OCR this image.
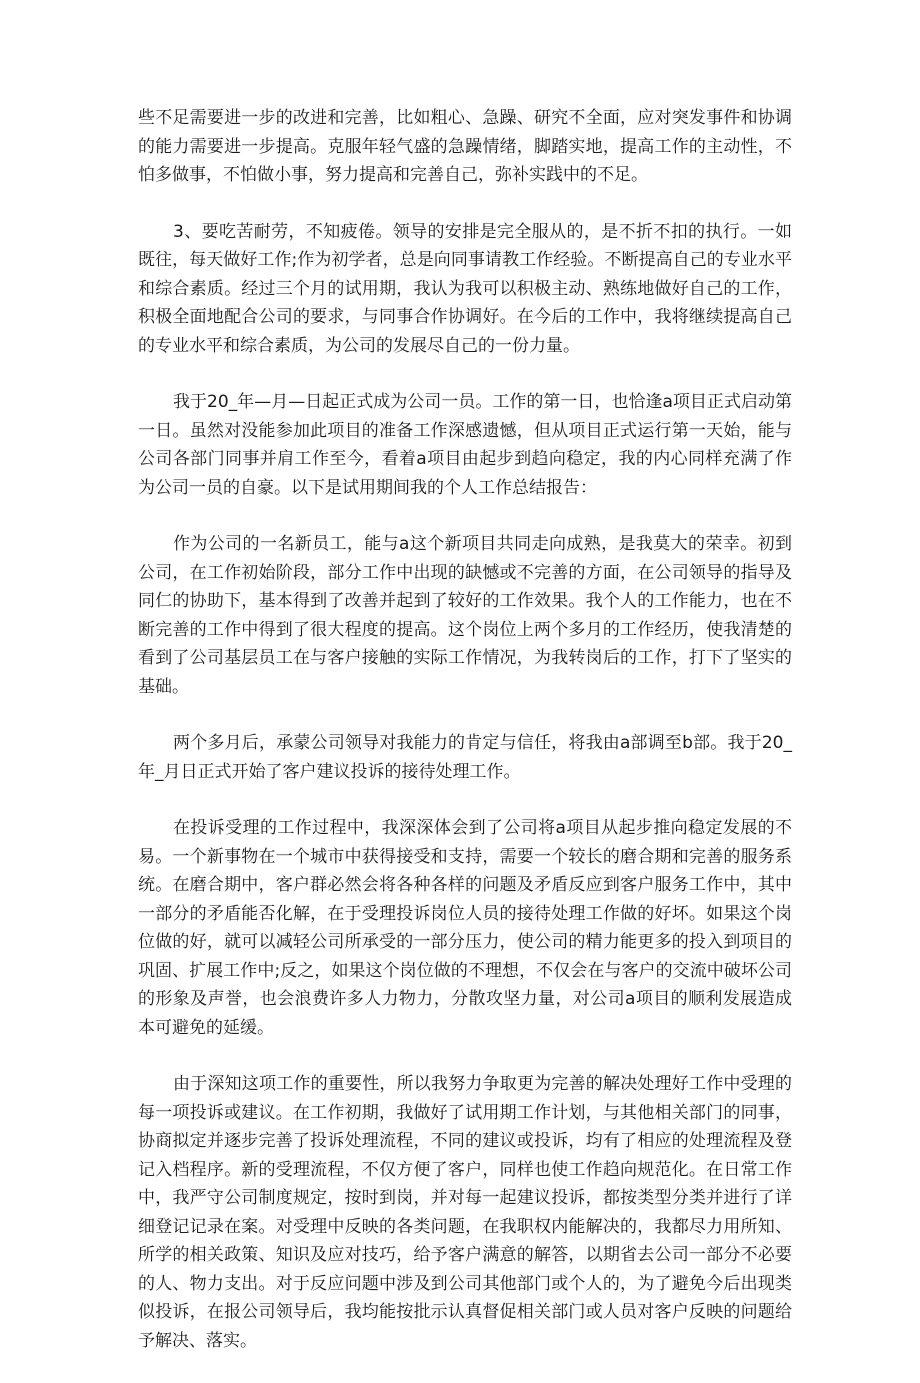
些不足需要进一步的改进和完善，比如粗心、急躁、研究不全面，应对突发事件和协调的能力需要进一步提高。克服年轻气盛的急躁情绪，脚踏实地，提高工作的主动性，不怕多做事，不怕做小事，努力提高和完善自己，弥补实践中的不足。

3、要吃苦耐劳，不知疲倦。领导的安排是完全服从的，是不折不扣的执行。一如既往，每天做好工作;作为初学者，总是向同事请教工作经验。不断提高自己的专业水平和综合素质。经过三个月的试用期，我认为我可以积极主动、熟练地做好自己的工作，积极全面地配合公司的要求，与同事合作协调好。在今后的工作中，我将继续提高自己的专业水平和综合素质，为公司的发展尽自己的一份力量。

我于20_年—月—日起正式成为公司一员。工作的第一日，也恰逢a项目正式启动第一日。虽然对没能参加此项目的准备工作深感遗憾，但从项目正式运行第一天始，能与公司各部门同事并肩工作至今，看着a项目由起步到趋向稳定，我的内心同样充满了作为公司一员的自豪。以下是试用期间我的个人工作总结报告：

作为公司的一名新员工，能与a这个新项目共同走向成熟，是我莫大的荣幸。初到公司，在工作初始阶段，部分工作中出现的缺憾或不完善的方面，在公司领导的指导及同仁的协助下，基本得到了改善并起到了较好的工作效果。我个人的工作能力，也在不断完善的工作中得到了很大程度的提高。这个岗位上两个多月的工作经历，使我清楚的看到了公司基层员工在与客户接触的实际工作情况，为我转岗后的工作，打下了坚实的基础。

两个多月后，承蒙公司领导对我能力的肯定与信任，将我由a部调至b部。我于20_年_月日正式开始了客户建议投诉的接待处理工作。

在投诉受理的工作过程中，我深深体会到了公司将a项目从起步推向稳定发展的不易。一个新事物在一个城市中获得接受和支持，需要一个较长的磨合期和完善的服务系统。在磨合期中，客户群必然会将各种各样的问题及矛盾反应到客户服务工作中，其中一部分的矛盾能否化解，在于受理投诉岗位人员的接待处理工作做的好坏。如果这个岗位做的好，就可以减轻公司所承受的一部分压力，使公司的精力能更多的投入到项目的巩固、扩展工作中;反之，如果这个岗位做的不理想，不仅会在与客户的交流中破坏公司的形象及声誉，也会浪费许多人力物力，分散攻坚力量，对公司a项目的顺利发展造成本可避免的延缓。

由于深知这项工作的重要性，所以我努力争取更为完善的解决处理好工作中受理的每一项投诉或建议。在工作初期，我做好了试用期工作计划，与其他相关部门的同事，协商拟定并逐步完善了投诉处理流程，不同的建议或投诉，均有了相应的处理流程及登记入档程序。新的受理流程，不仅方便了客户，同样也使工作趋向规范化。在日常工作中，我严守公司制度规定，按时到岗，并对每一起建议投诉，都按类型分类并进行了详细登记记录在案。对受理中反映的各类问题，在我职权内能解决的，我都尽力用所知、所学的相关政策、知识及应对技巧，给予客户满意的解答，以期省去公司一部分不必要的人、物力支出。对于反应问题中涉及到公司其他部门或个人的，为了避免今后出现类似投诉，在报公司领导后，我均能按批示认真督促相关部门或人员对客户反映的问题给予解决、落实。
